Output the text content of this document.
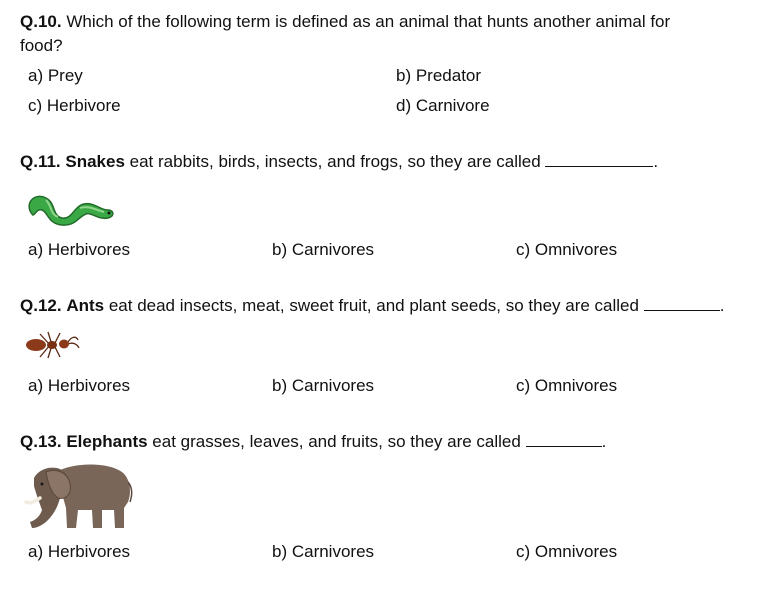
Q.10. Which of the following term is defined as an animal that hunts another animal for
food?
a) Prey	b) Predator
c) Herbivore	d) Carnivore
Q.11. Snakes eat rabbits, birds, insects, and frogs, so they are called	.
a) Herbivores	b) Carnivores	c) Omnivores
Q.12. Ants eat dead insects, meat, sweet fruit, and plant seeds, so they are called	.
a) Herbivores	b) Carnivores	c) Omnivores
Q.13. Elephants eat grasses, leaves, and fruits, so they are called	.
a) Herbivores	b) Carnivores	c) Omnivores
